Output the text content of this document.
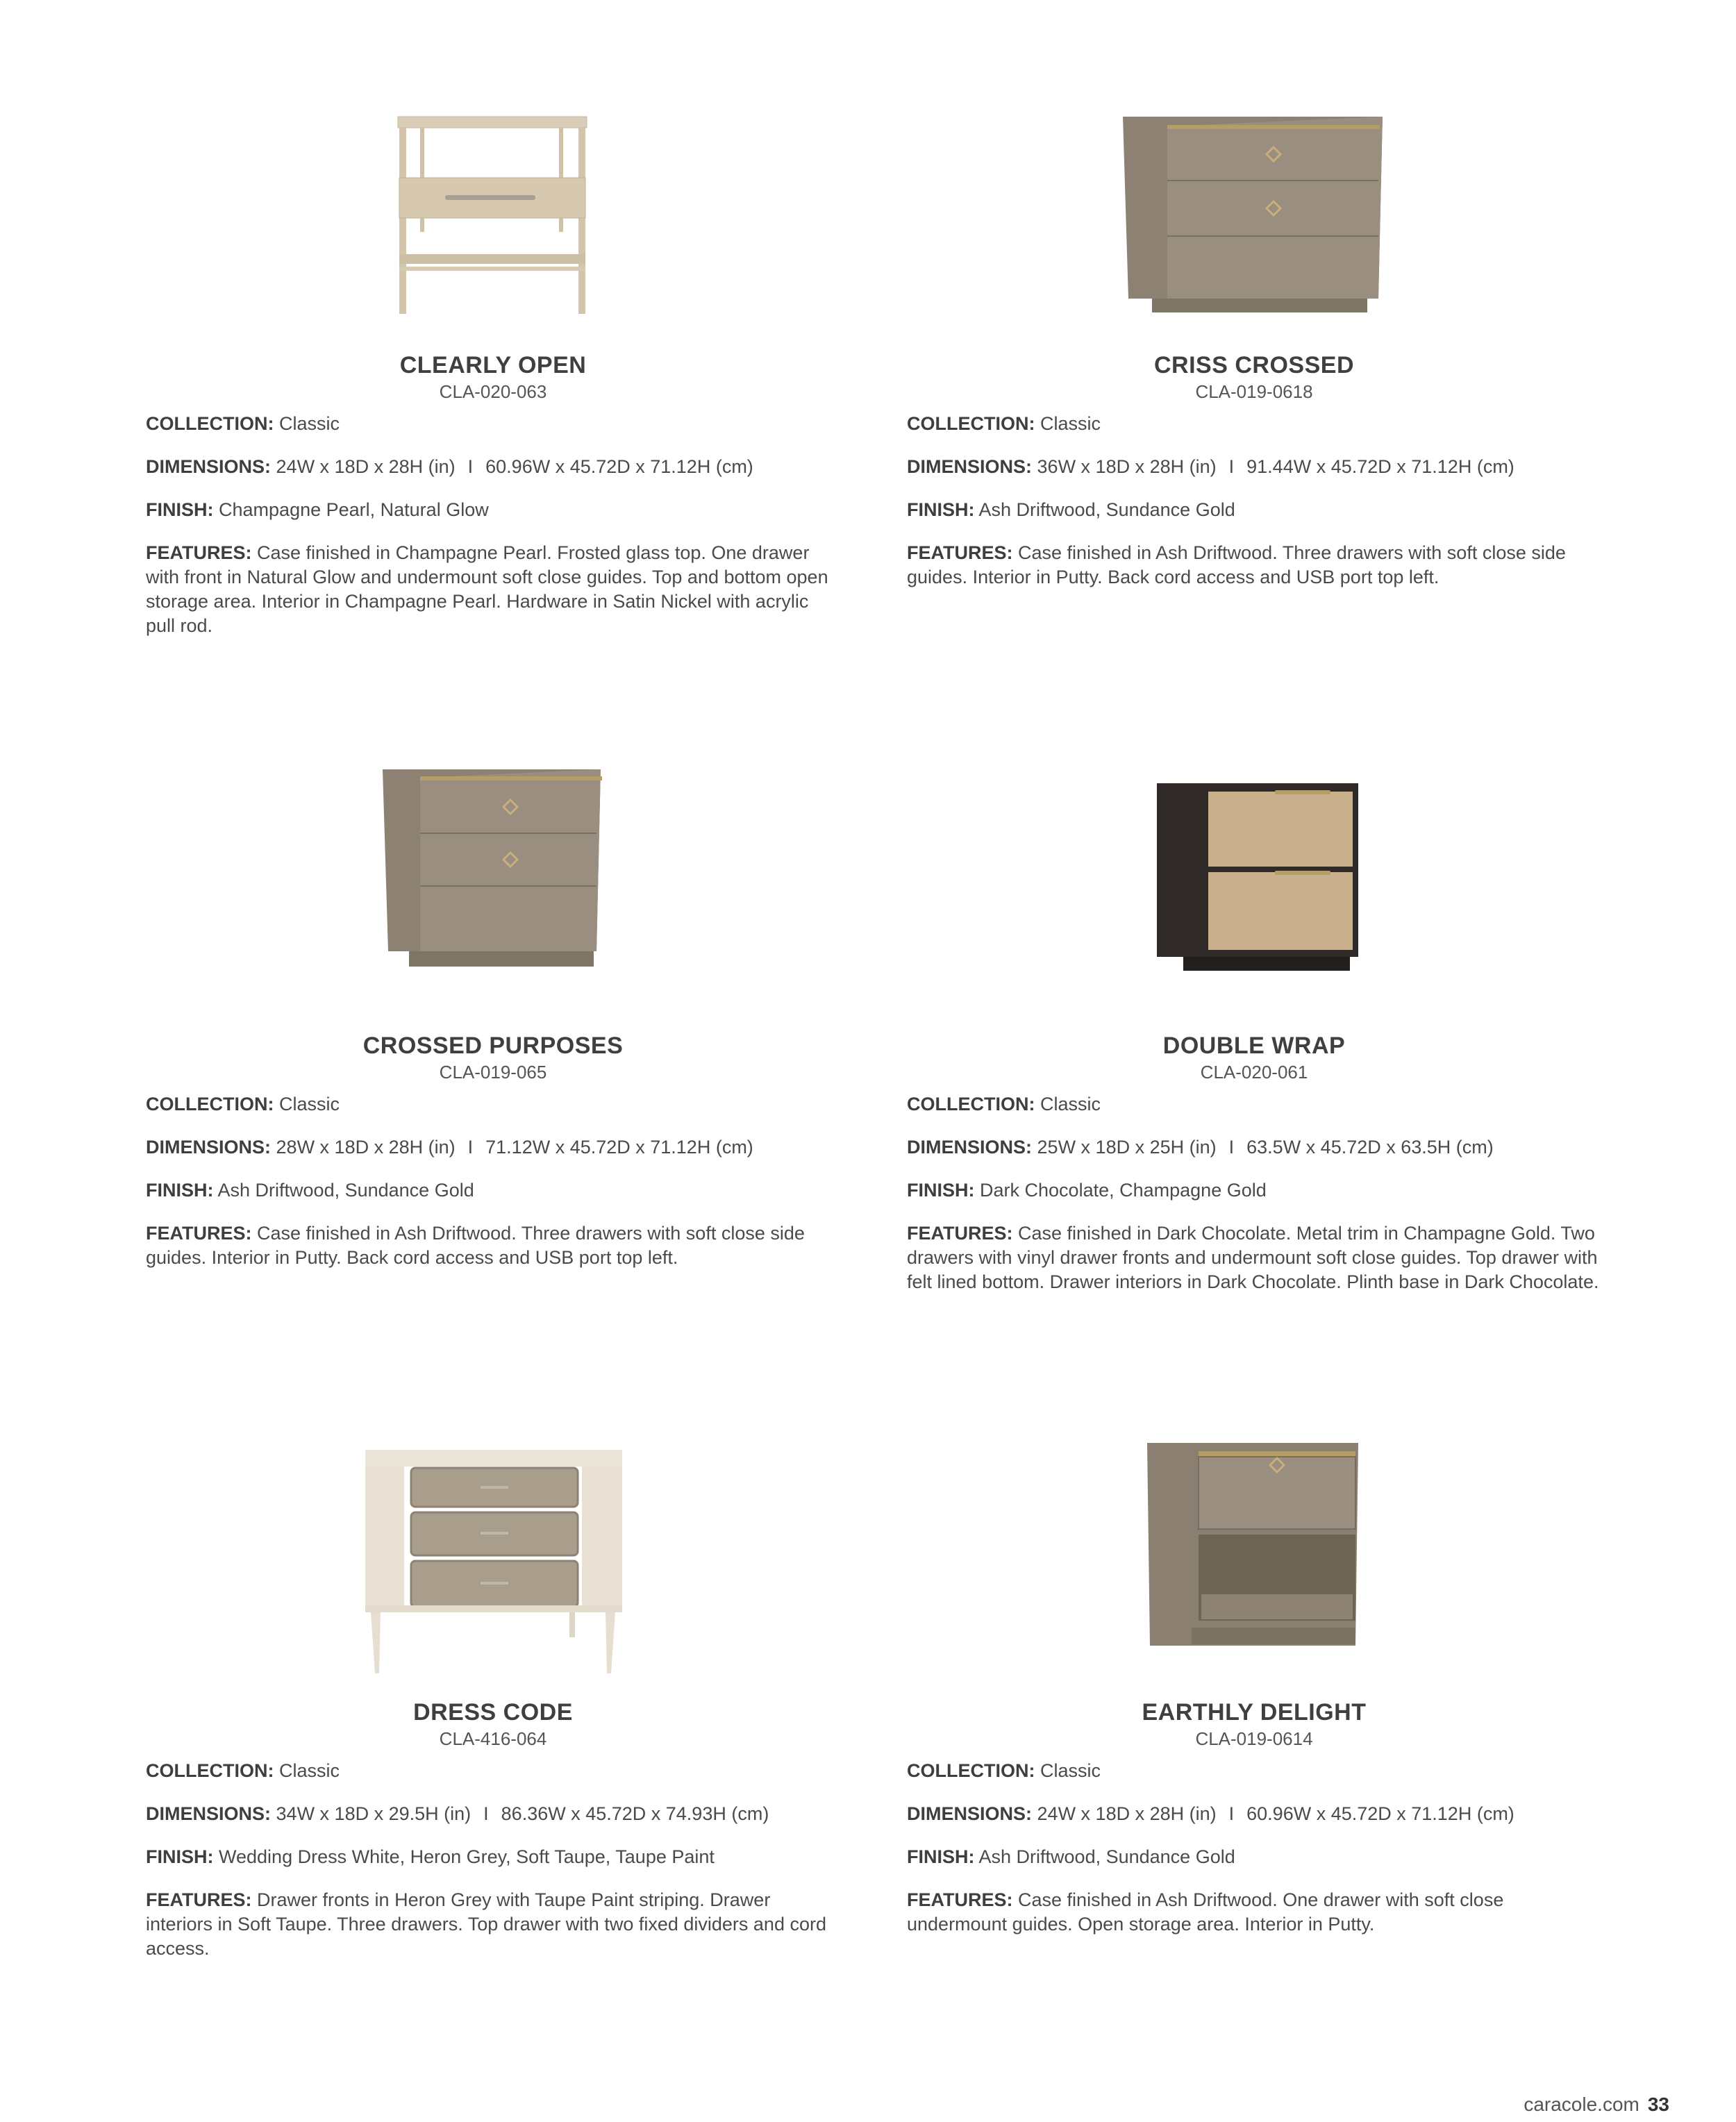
CLEARLY OPEN
CLA-020-063
COLLECTION: Classic
DIMENSIONS: 24W x 18D x 28H (in) I 60.96W x 45.72D x 71.12H (cm)
FINISH: Champagne Pearl, Natural Glow
FEATURES: Case finished in Champagne Pearl. Frosted glass top. One drawer with front in Natural Glow and undermount soft close guides. Top and bottom open storage area. Interior in Champagne Pearl. Hardware in Satin Nickel with acrylic pull rod.
CRISS CROSSED
CLA-019-0618
COLLECTION: Classic
DIMENSIONS: 36W x 18D x 28H (in) I 91.44W x 45.72D x 71.12H (cm)
FINISH: Ash Driftwood, Sundance Gold
FEATURES: Case finished in Ash Driftwood. Three drawers with soft close side guides. Interior in Putty. Back cord access and USB port top left.
CROSSED PURPOSES
CLA-019-065
COLLECTION: Classic
DIMENSIONS: 28W x 18D x 28H (in) I 71.12W x 45.72D x 71.12H (cm)
FINISH: Ash Driftwood, Sundance Gold
FEATURES: Case finished in Ash Driftwood. Three drawers with soft close side guides. Interior in Putty. Back cord access and USB port top left.
DOUBLE WRAP
CLA-020-061
COLLECTION: Classic
DIMENSIONS: 25W x 18D x 25H (in) I 63.5W x 45.72D x 63.5H (cm)
FINISH: Dark Chocolate, Champagne Gold
FEATURES: Case finished in Dark Chocolate. Metal trim in Champagne Gold. Two drawers with vinyl drawer fronts and undermount soft close guides. Top drawer with felt lined bottom. Drawer interiors in Dark Chocolate. Plinth base in Dark Chocolate.
DRESS CODE
CLA-416-064
COLLECTION: Classic
DIMENSIONS: 34W x 18D x 29.5H (in) I 86.36W x 45.72D x 74.93H (cm)
FINISH: Wedding Dress White, Heron Grey, Soft Taupe, Taupe Paint
FEATURES: Drawer fronts in Heron Grey with Taupe Paint striping. Drawer interiors in Soft Taupe. Three drawers. Top drawer with two fixed dividers and cord access.
EARTHLY DELIGHT
CLA-019-0614
COLLECTION: Classic
DIMENSIONS: 24W x 18D x 28H (in) I 60.96W x 45.72D x 71.12H (cm)
FINISH: Ash Driftwood, Sundance Gold
FEATURES: Case finished in Ash Driftwood. One drawer with soft close undermount guides. Open storage area. Interior in Putty.
caracole.com 33
